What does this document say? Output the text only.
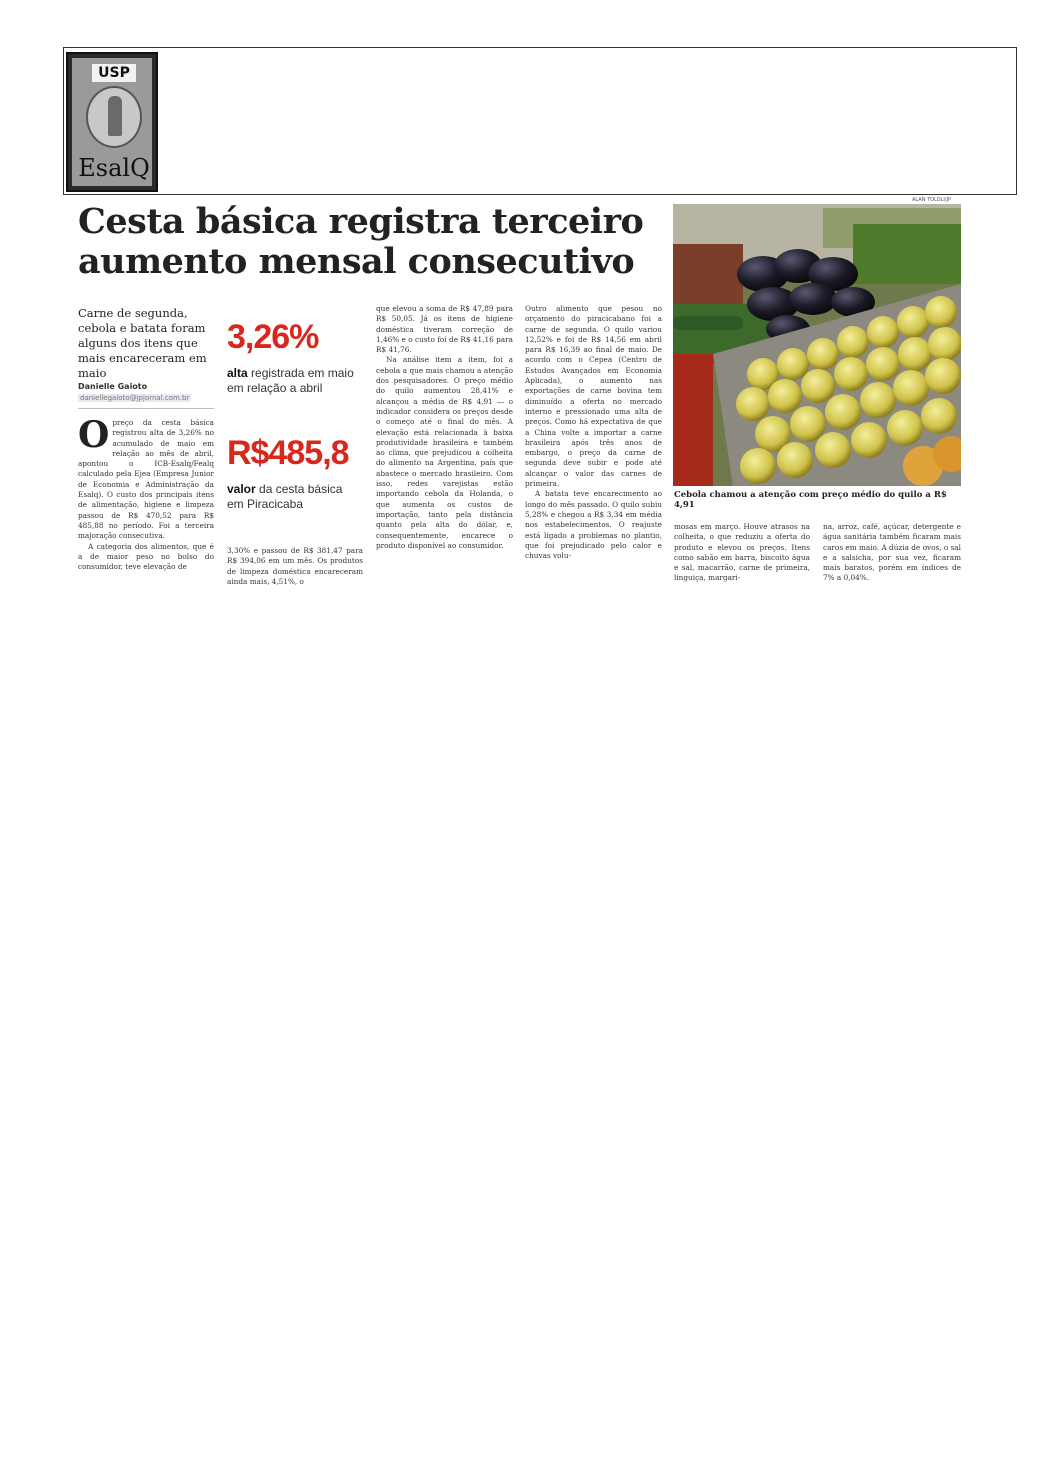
USP
EsalQ
Cesta básica registra terceiro aumento mensal consecutivo
Carne de segunda, cebola e batata foram alguns dos itens que mais encareceram em maio
Danielle Gaioto
daniellegaioto@jpjornal.com.br
3,26%
alta registrada em maio em relação a abril
R$485,8
valor da cesta básica em Piracicaba

Opreço da cesta básica registrou alta de 3,26% no acumulado de maio em relação ao mês de abril, apontou o ICB-Esalq/Fealq calculado pela Ejea (Empresa Junior de Economia e Administração da Esalq). O custo dos principais itens de alimentação, higiene e limpeza passou de R$ 470,52 para R$ 485,88 no período. Foi a terceira majoração consecutiva.

A categoria dos alimentos, que é a de maior peso no bolso do consumidor, teve elevação de

3,30% e passou de R$ 381,47 para R$ 394,06 em um mês. Os produtos de limpeza doméstica encareceram ainda mais, 4,51%, o

que elevou a soma de R$ 47,89 para R$ 50,05. Já os itens de higiene doméstica tiveram correção de 1,46% e o custo foi de R$ 41,16 para R$ 41,76.

Na análise item a item, foi a cebola a que mais chamou a atenção dos pesquisadores. O preço médio do quilo aumentou 28,41% e alcançou a média de R$ 4,91 — o indicador considera os preços desde o começo até o final do mês. A elevação está relacionada à baixa produtividade brasileira e também ao clima, que prejudicou a colheita do alimento na Argentina, país que abastece o mercado brasileiro. Com isso, redes varejistas estão importando cebola da Holanda, o que aumenta os custos de importação, tanto pela distância quanto pela alta do dólar, e, consequentemente, encarece o produto disponível ao consumidor.

Outro alimento que pesou no orçamento do piracicabano foi a carne de segunda. O quilo variou 12,52% e foi de R$ 14,56 em abril para R$ 16,39 ao final de maio. De acordo com o Cepea (Centro de Estudos Avançados em Economia Aplicada), o aumento nas exportações de carne bovina tem diminuído a oferta no mercado interno e pressionado uma alta de preços. Como há expectativa de que a China volte a importar a carne brasileira após três anos de embargo, o preço da carne de segunda deve subir e pode até alcançar o valor das carnes de primeira.

A batata teve encarecimento ao longo do mês passado. O quilo subiu 5,28% e chegou a R$ 3,34 em média nos estabelecimentos. O reajuste está ligado a problemas no plantio, que foi prejudicado pelo calor e chuvas volu-

mosas em março. Houve atrasos na colheita, o que reduziu a oferta do produto e elevou os preços. Itens como sabão em barra, biscoito água e sal, macarrão, carne de primeira, linguiça, margari-

na, arroz, café, açúcar, detergente e água sanitária também ficaram mais caros em maio. A dúzia de ovos, o sal e a salsicha, por sua vez, ficaram mais baratos, porém em índices de 7% a 0,04%.

ALAN TOLOLI/JP
Cebola chamou a atenção com preço médio do quilo a R$ 4,91
